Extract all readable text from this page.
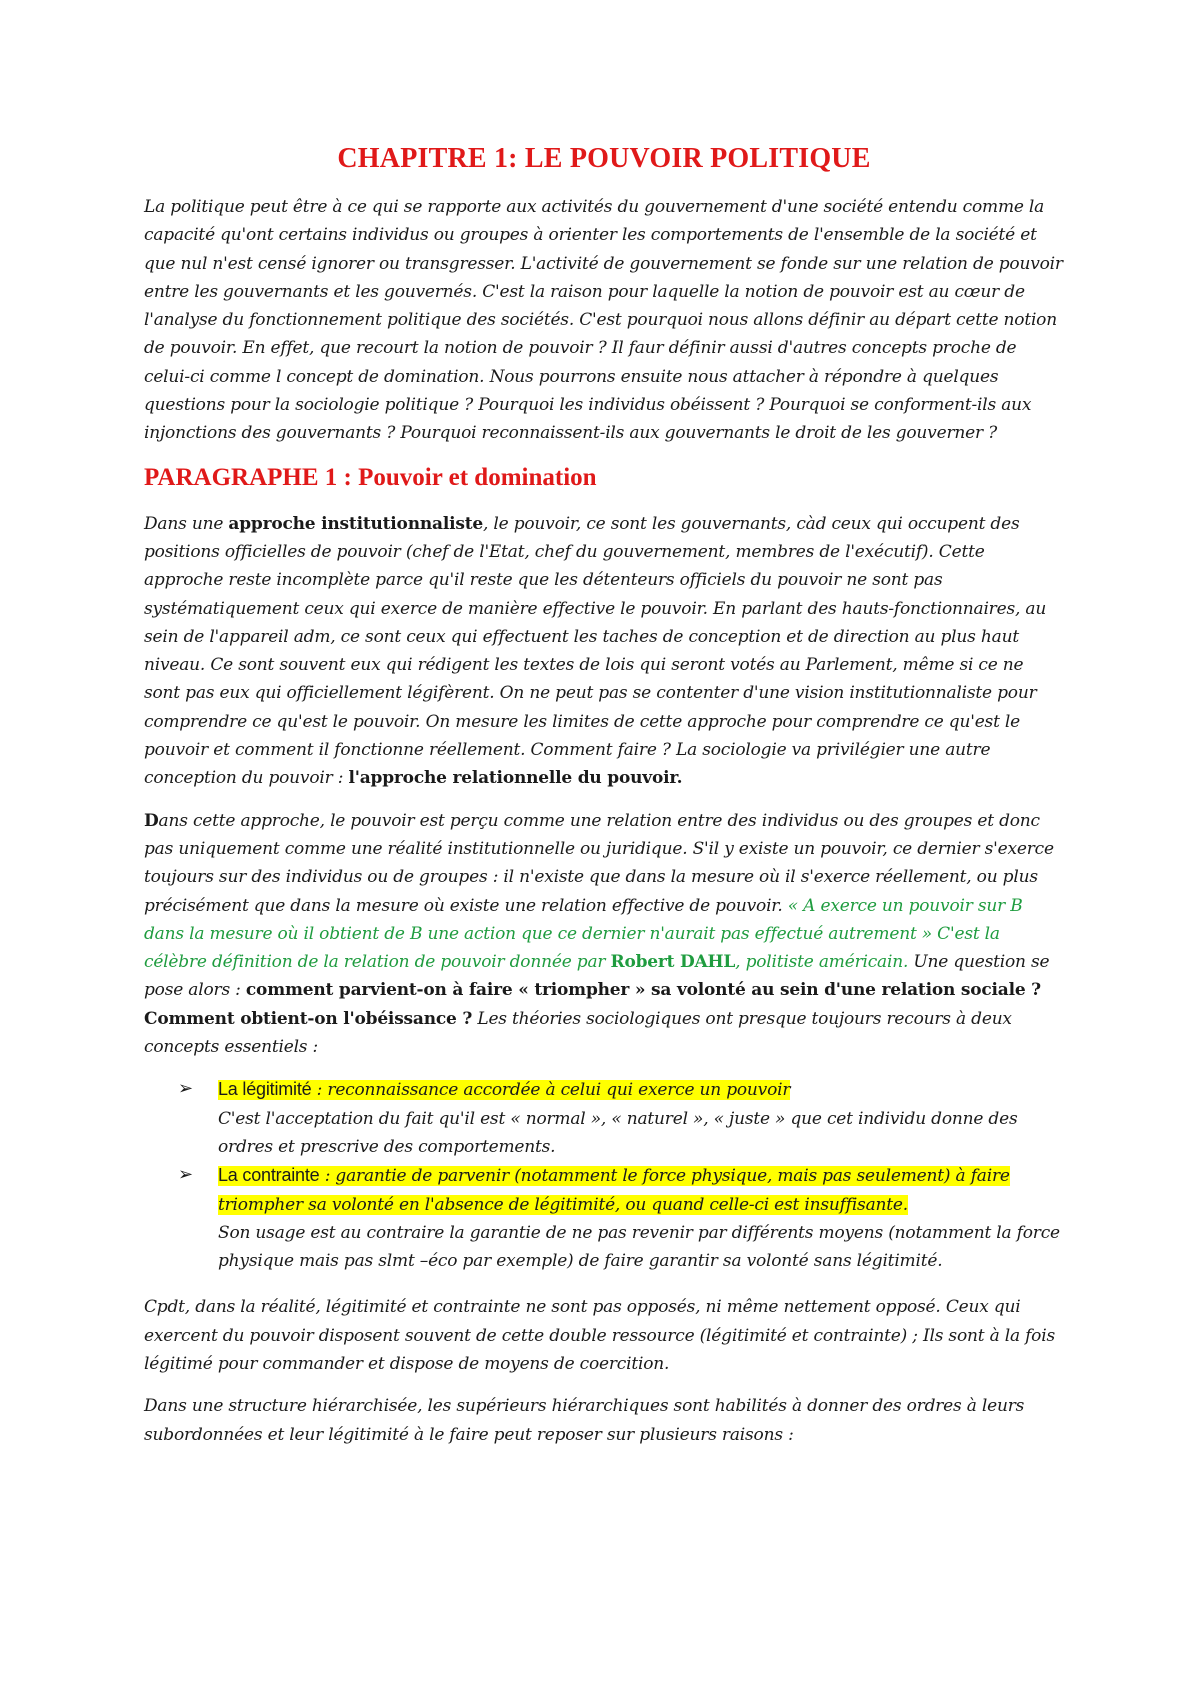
CHAPITRE 1: LE POUVOIR POLITIQUE

La politique peut être à ce qui se rapporte aux activités du gouvernement d'une société entendu comme la capacité qu'ont certains individus ou groupes à orienter les comportements de l'ensemble de la société et que nul n'est censé ignorer ou transgresser. L'activité de gouvernement se fonde sur une relation de pouvoir entre les gouvernants et les gouvernés. C'est la raison pour laquelle la notion de pouvoir est au cœur de l'analyse du fonctionnement politique des sociétés. C'est pourquoi nous allons définir au départ cette notion de pouvoir. En effet, que recourt la notion de pouvoir ? Il faur définir aussi d'autres concepts proche de celui-ci comme l concept de domination. Nous pourrons ensuite nous attacher à répondre à quelques questions pour la sociologie politique ? Pourquoi les individus obéissent ? Pourquoi se conforment-ils aux injonctions des gouvernants ? Pourquoi reconnaissent-ils aux gouvernants le droit de les gouverner ?

PARAGRAPHE 1 : Pouvoir et domination

Dans une approche institutionnaliste, le pouvoir, ce sont les gouvernants, càd ceux qui occupent des positions officielles de pouvoir (chef de l'Etat, chef du gouvernement, membres de l'exécutif). Cette approche reste incomplète parce qu'il reste que les détenteurs officiels du pouvoir ne sont pas systématiquement ceux qui exerce de manière effective le pouvoir. En parlant des hauts-fonctionnaires, au sein de l'appareil adm, ce sont ceux qui effectuent les taches de conception et de direction au plus haut niveau. Ce sont souvent eux qui rédigent les textes de lois qui seront votés au Parlement, même si ce ne sont pas eux qui officiellement légifèrent. On ne peut pas se contenter d'une vision institutionnaliste pour comprendre ce qu'est le pouvoir. On mesure les limites de cette approche pour comprendre ce qu'est le pouvoir et comment il fonctionne réellement. Comment faire ? La sociologie va privilégier une autre conception du pouvoir : l'approche relationnelle du pouvoir.

Dans cette approche, le pouvoir est perçu comme une relation entre des individus ou des groupes et donc pas uniquement comme une réalité institutionnelle ou juridique. S'il y existe un pouvoir, ce dernier s'exerce toujours sur des individus ou de groupes : il n'existe que dans la mesure où il s'exerce réellement, ou plus précisément que dans la mesure où existe une relation effective de pouvoir. « A exerce un pouvoir sur B dans la mesure où il obtient de B une action que ce dernier n'aurait pas effectué autrement » C'est la célèbre définition de la relation de pouvoir donnée par Robert DAHL, politiste américain. Une question se pose alors : comment parvient-on à faire « triompher » sa volonté au sein d'une relation sociale ? Comment obtient-on l'obéissance ? Les théories sociologiques ont presque toujours recours à deux concepts essentiels :

➢ La légitimité : reconnaissance accordée à celui qui exerce un pouvoir
C'est l'acceptation du fait qu'il est « normal », « naturel », « juste » que cet individu donne des ordres et prescrive des comportements.
➢ La contrainte : garantie de parvenir (notamment le force physique, mais pas seulement) à faire triompher sa volonté en l'absence de légitimité, ou quand celle-ci est insuffisante.
Son usage est au contraire la garantie de ne pas revenir par différents moyens (notamment la force physique mais pas slmt –éco par exemple) de faire garantir sa volonté sans légitimité.

Cpdt, dans la réalité, légitimité et contrainte ne sont pas opposés, ni même nettement opposé. Ceux qui exercent du pouvoir disposent souvent de cette double ressource (légitimité et contrainte) ; Ils sont à la fois légitimé pour commander et dispose de moyens de coercition.

Dans une structure hiérarchisée, les supérieurs hiérarchiques sont habilités à donner des ordres à leurs subordonnées et leur légitimité à le faire peut reposer sur plusieurs raisons :
